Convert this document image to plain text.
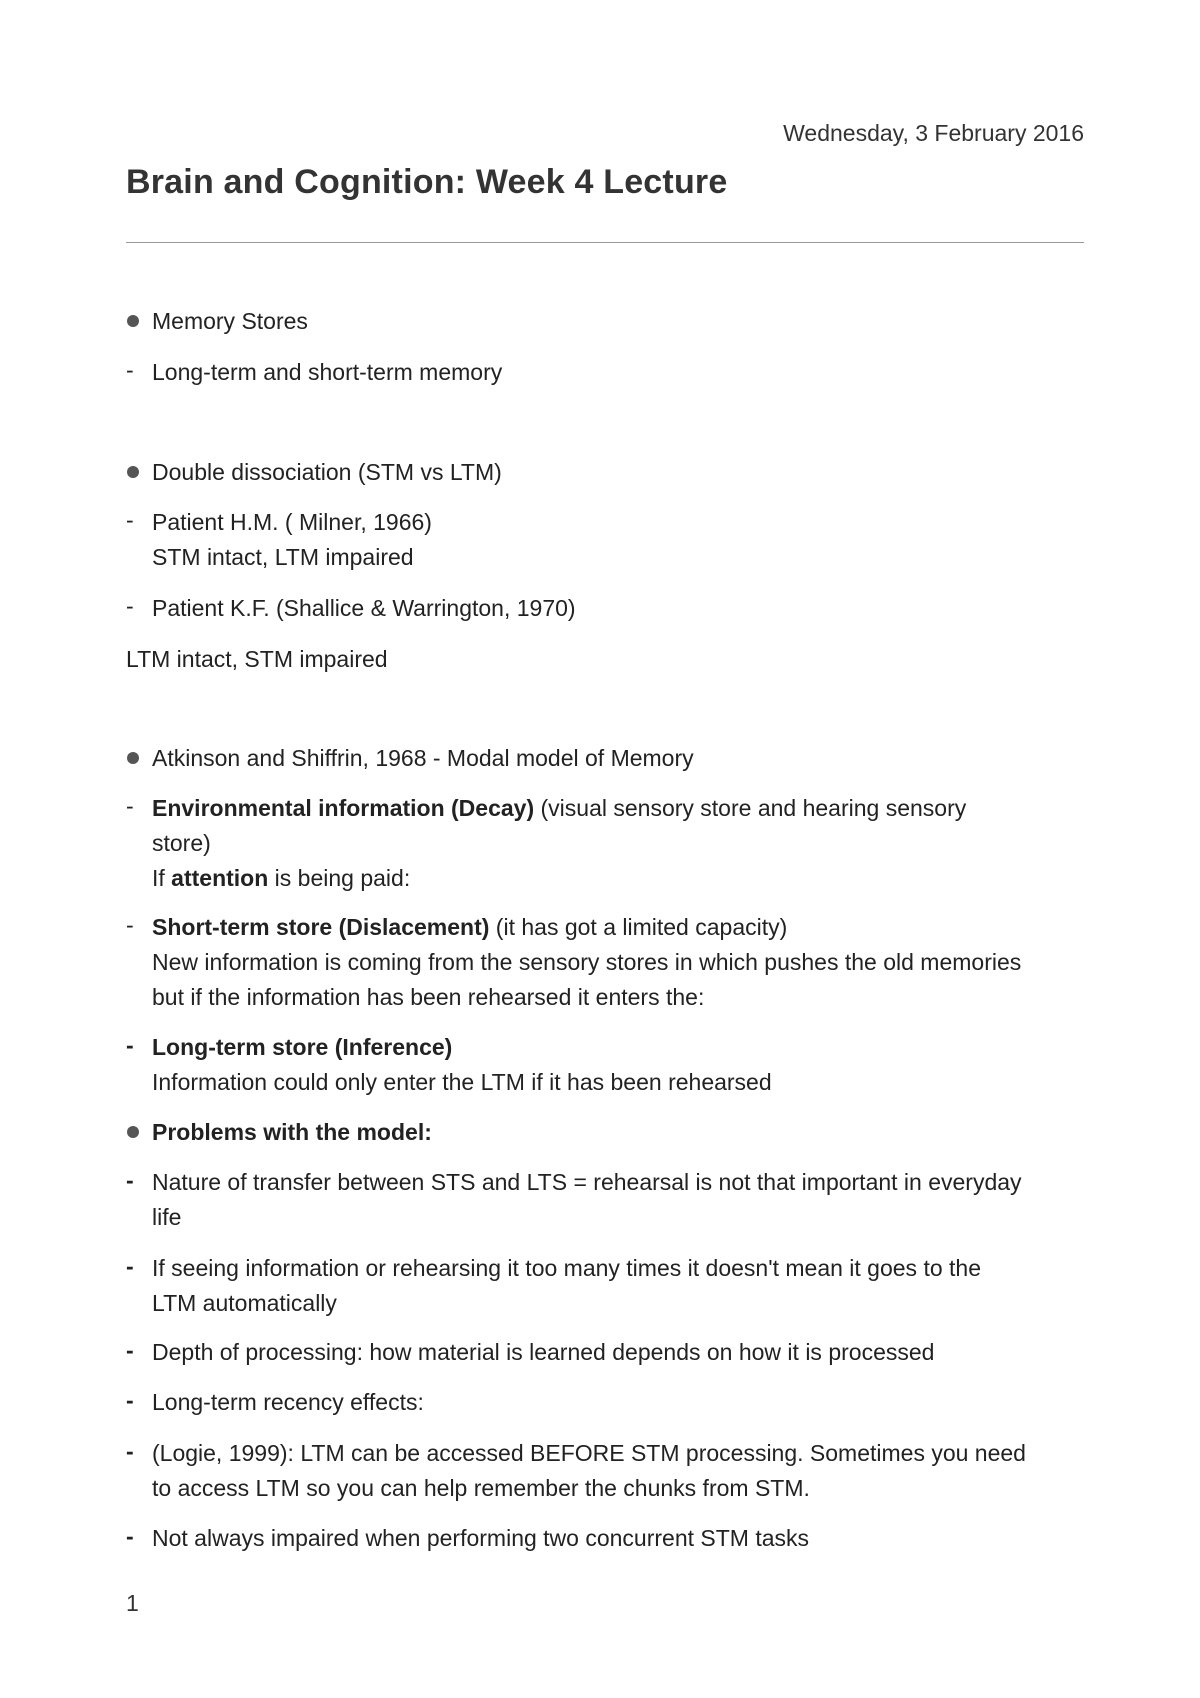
Wednesday, 3 February 2016
Brain and Cognition: Week 4 Lecture
Memory Stores
- Long-term and short-term memory
Double dissociation (STM vs LTM)
- Patient H.M. ( Milner, 1966)
STM intact, LTM impaired
- Patient K.F. (Shallice & Warrington, 1970)
LTM intact, STM impaired
Atkinson and Shiffrin, 1968 - Modal model of Memory
- Environmental information (Decay) (visual sensory store and hearing sensory
store)
If attention is being paid:
- Short-term store (Dislacement) (it has got a limited capacity)
New information is coming from the sensory stores in which pushes the old memories
but if the information has been rehearsed it enters the:
- Long-term store (Inference)
Information could only enter the LTM if it has been rehearsed
Problems with the model:
- Nature of transfer between STS and LTS = rehearsal is not that important in everyday
life
- If seeing information or rehearsing it too many times it doesn't mean it goes to the
LTM automatically
- Depth of processing: how material is learned depends on how it is processed
- Long-term recency effects:
- (Logie, 1999): LTM can be accessed BEFORE STM processing. Sometimes you need
to access LTM so you can help remember the chunks from STM.
- Not always impaired when performing two concurrent STM tasks
1
